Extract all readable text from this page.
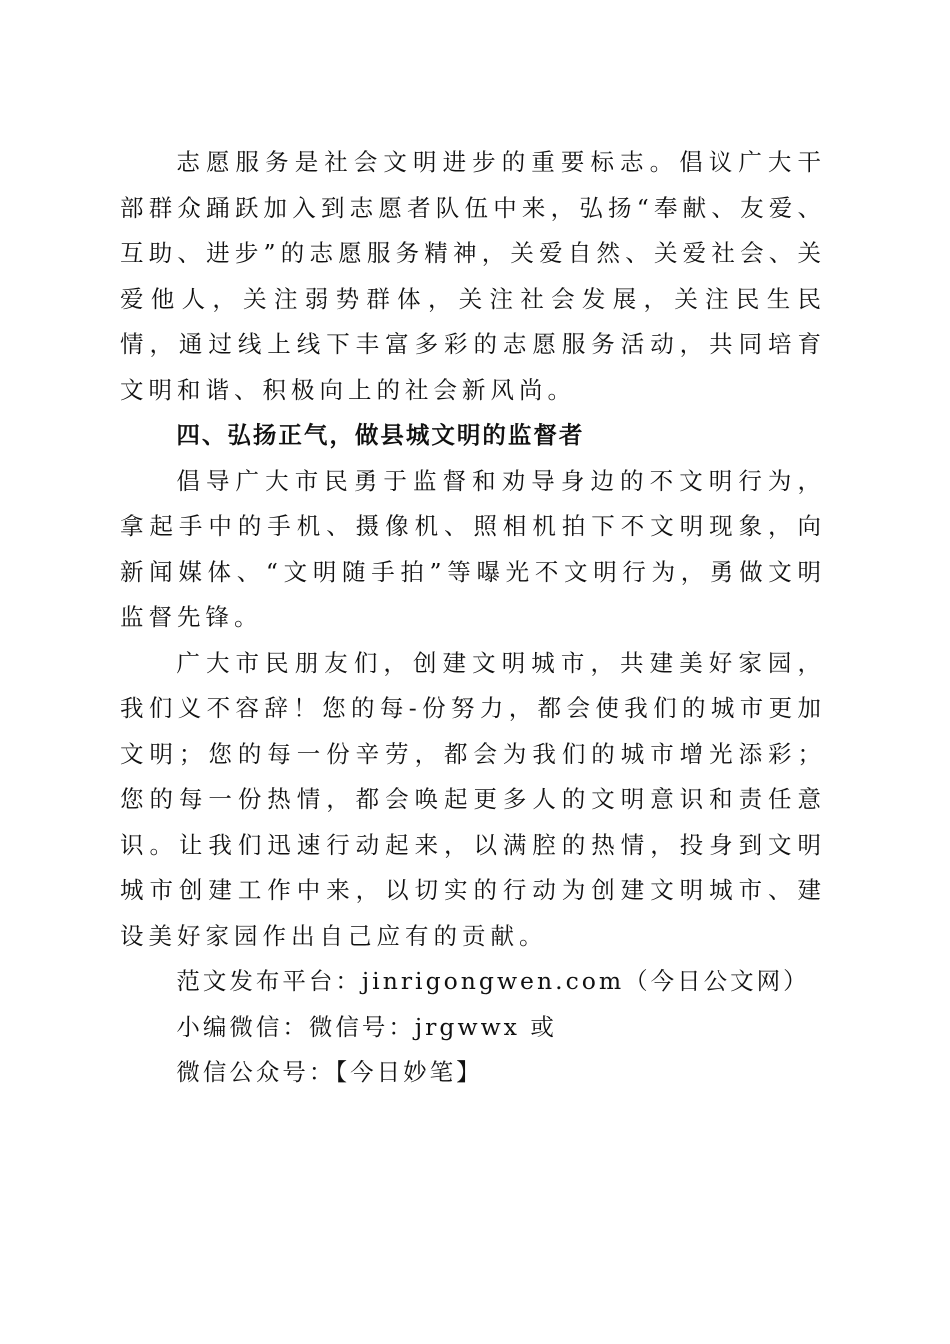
志愿服务是社会文明进步的重要标志。倡议广大干部群众踊跃加入到志愿者队伍中来，弘扬“奉献、友爱、互助、进步”的志愿服务精神，关爱自然、关爱社会、关爱他人，关注弱势群体，关注社会发展，关注民生民情，通过线上线下丰富多彩的志愿服务活动，共同培育文明和谐、积极向上的社会新风尚。

四、弘扬正气，做县城文明的监督者

倡导广大市民勇于监督和劝导身边的不文明行为，拿起手中的手机、摄像机、照相机拍下不文明现象，向新闻媒体、“文明随手拍”等曝光不文明行为，勇做文明监督先锋。

广大市民朋友们，创建文明城市，共建美好家园，我们义不容辞！您的每-份努力，都会使我们的城市更加文明；您的每一份辛劳，都会为我们的城市增光添彩；您的每一份热情，都会唤起更多人的文明意识和责任意识。让我们迅速行动起来，以满腔的热情，投身到文明城市创建工作中来，以切实的行动为创建文明城市、建设美好家园作出自己应有的贡献。

范文发布平台：jinrigongwen.com（今日公文网）

小编微信：微信号：jrgwwx 或

微信公众号：【今日妙笔】
